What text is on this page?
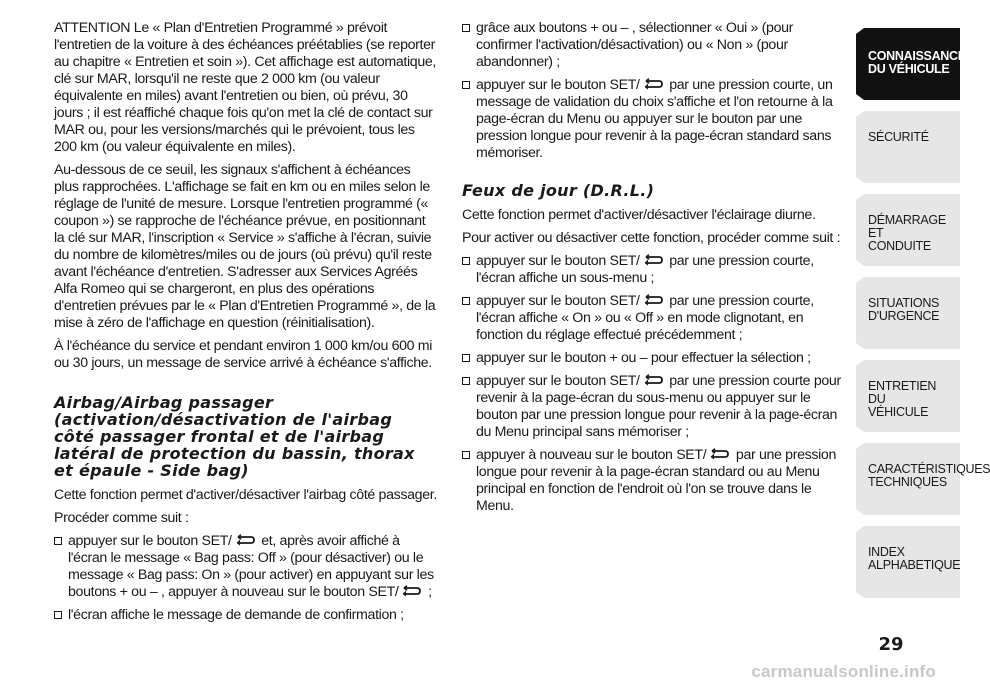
ATTENTION Le « Plan d'Entretien Programmé » prévoit l'entretien de la voiture à des échéances préétablies (se reporter au chapitre « Entretien et soin »). Cet affichage est automatique, clé sur MAR, lorsqu'il ne reste que 2 000 km (ou valeur équivalente en miles) avant l'entretien ou bien, où prévu, 30 jours ; il est réaffiché chaque fois qu'on met la clé de contact sur MAR ou, pour les versions/marchés qui le prévoient, tous les 200 km (ou valeur équivalente en miles).

Au-dessous de ce seuil, les signaux s'affichent à échéances plus rapprochées. L'affichage se fait en km ou en miles selon le réglage de l'unité de mesure. Lorsque l'entretien programmé (« coupon ») se rapproche de l'échéance prévue, en positionnant la clé sur MAR, l'inscription « Service » s'affiche à l'écran, suivie du nombre de kilomètres/miles ou de jours (où prévu) qu'il reste avant l'échéance d'entretien. S'adresser aux Services Agréés Alfa Romeo qui se chargeront, en plus des opérations d'entretien prévues par le « Plan d'Entretien Programmé », de la mise à zéro de l'affichage en question (réinitialisation).

À l'échéance du service et pendant environ 1 000 km/ou 600 mi ou 30 jours, un message de service arrivé à échéance s'affiche.

Airbag/Airbag passager (activation/désactivation de l'airbag côté passager frontal et de l'airbag latéral de protection du bassin, thorax et épaule - Side bag)

Cette fonction permet d'activer/désactiver l'airbag côté passager.

Procéder comme suit :

appuyer sur le bouton SET/
et, après avoir affiché à l'écran le message « Bag pass: Off » (pour désactiver) ou le message « Bag pass: On » (pour activer) en appuyant sur les boutons + ou – , appuyer à nouveau sur le bouton SET/
;
l'écran affiche le message de demande de confirmation ;
grâce aux boutons + ou – , sélectionner « Oui » (pour confirmer l'activation/désactivation) ou « Non » (pour abandonner) ;
appuyer sur le bouton SET/
par une pression courte, un message de validation du choix s'affiche et l'on retourne à la page-écran du Menu ou appuyer sur le bouton par une pression longue pour revenir à la page-écran standard sans mémoriser.
Feux de jour (D.R.L.)

Cette fonction permet d'activer/désactiver l'éclairage diurne.

Pour activer ou désactiver cette fonction, procéder comme suit :

appuyer sur le bouton SET/
par une pression courte, l'écran affiche un sous-menu ;
appuyer sur le bouton SET/
par une pression courte, l'écran affiche « On » ou « Off » en mode clignotant, en fonction du réglage effectué précédemment ;
appuyer sur le bouton + ou – pour effectuer la sélection ;
appuyer sur le bouton SET/
par une pression courte pour revenir à la page-écran du sous-menu ou appuyer sur le bouton par une pression longue pour revenir à la page-écran du Menu principal sans mémoriser ;
appuyer à nouveau sur le bouton SET/
par une pression longue pour revenir à la page-écran standard ou au Menu principal en fonction de l'endroit où l'on se trouve dans le Menu.
CONNAISSANCE
DU VÉHICULE
SÉCURITÉ

DÉMARRAGE ET
CONDUITE
SITUATIONS
D'URGENCE
ENTRETIEN DU
VÉHICULE
CARACTÉRISTIQUES
TECHNIQUES
INDEX
ALPHABETIQUE
29
carmanualsonline.info
